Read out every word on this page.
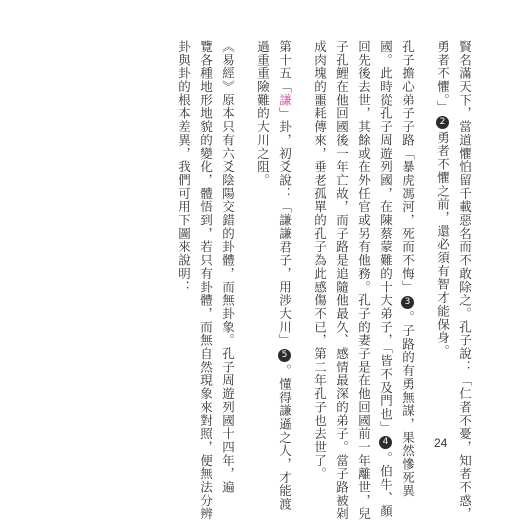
賢名滿天下，當道懼怕留千載惡名而不敢除之。孔子說：「仁者不憂，知者不惑，

勇者不懼。」2勇者不懼之前，還必須有智才能保身。

孔子擔心弟子子路「暴虎馮河，死而不悔」3。子路的有勇無謀，果然慘死異

國。此時從孔子周遊列國，在陳蔡蒙難的十大弟子，「皆不及門也」4。伯牛、顏

回先後去世，其餘或在外任官或另有他務。孔子的妻子是在他回國前一年離世，兒

子孔鯉在他回國後一年亡故，而子路是追隨他最久、感情最深的弟子。當子路被剁

成肉塊的噩耗傳來，垂老孤單的孔子為此感傷不已，第二年孔子也去世了。

第十五「謙」卦，初爻說：「謙謙君子，用涉大川」5。懂得謙遜之人，才能渡

過重重險難的大川之阻。

《易經》原本只有六爻陰陽交錯的卦體，而無卦象。孔子周遊列國十四年，遍

覽各種地形地貌的變化，體悟到，若只有卦體，而無自然現象來對照，便無法分辨

卦與卦的根本差異，我們可用下圖來說明：

24
